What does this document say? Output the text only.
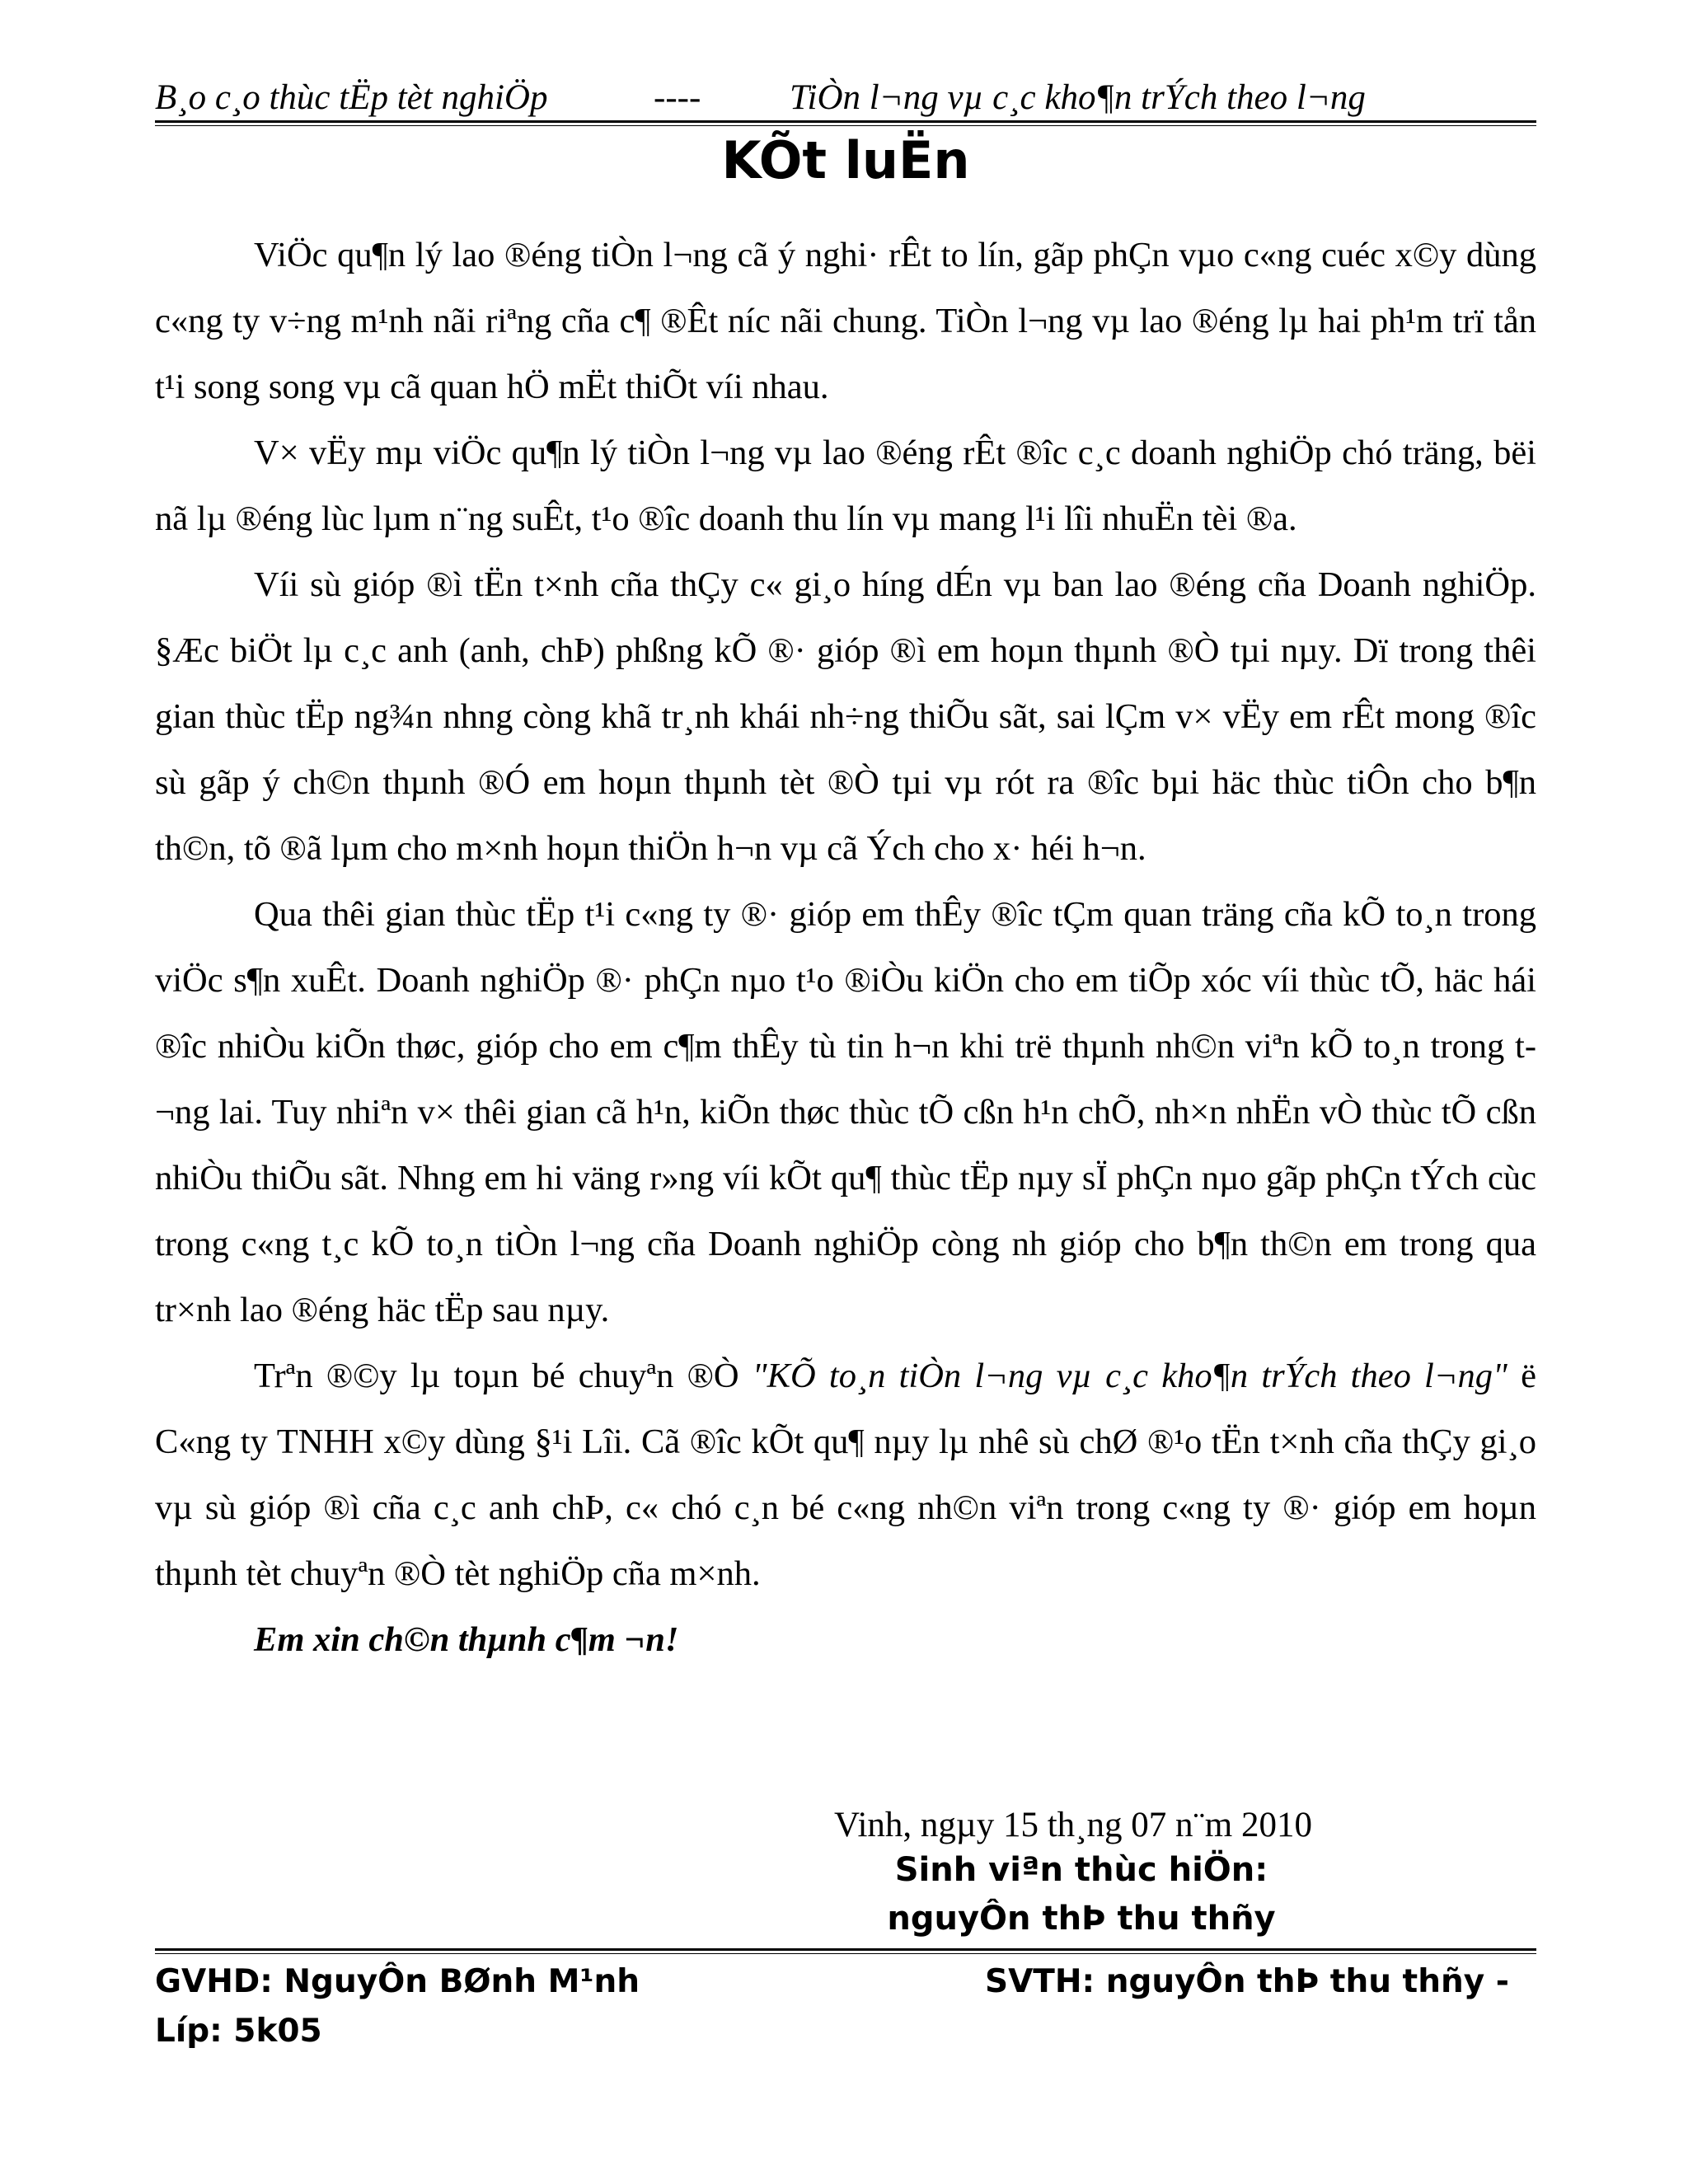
B¸o c¸o thùc tËp tèt nghiÖp	----	TiÒn l¬ng vµ c¸c kho¶n trÝch theo l¬ng
KÕt luËn

ViÖc qu¶n lý lao ®éng tiÒn l¬ng cã ý nghi· rÊt to lín, gãp phÇn vµo c«ng cuéc x©y dùng c«ng ty v÷ng m¹nh nãi riªng cña c¶ ®Êt níc nãi chung. TiÒn l¬ng vµ lao ®éng lµ hai ph¹m trï tån t¹i song song vµ cã quan hÖ mËt thiÕt víi nhau.

V× vËy mµ viÖc qu¶n lý tiÒn l¬ng vµ lao ®éng rÊt ®îc c¸c doanh nghiÖp chó träng, bëi nã lµ ®éng lùc lµm n¨ng suÊt, t¹o ®îc doanh thu lín vµ mang l¹i lîi nhuËn tèi ®a.

Víi sù gióp ®ì tËn t×nh cña thÇy c« gi¸o híng dÉn vµ ban lao ®éng cña Doanh nghiÖp. §Æc biÖt lµ c¸c anh (anh, chÞ) phßng kÕ ®· gióp ®ì em hoµn thµnh ®Ò tµi nµy. Dï trong thêi gian thùc tËp ng¾n nhng còng khã tr¸nh khái nh÷ng thiÕu sãt, sai lÇm v× vËy em rÊt mong ®îc sù gãp ý ch©n thµnh ®Ó em hoµn thµnh tèt ®Ò tµi vµ rót ra ®îc bµi häc thùc tiÔn cho b¶n th©n, tõ ®ã lµm cho m×nh hoµn thiÖn h¬n vµ cã Ých cho x· héi h¬n.

Qua thêi gian thùc tËp t¹i c«ng ty ®· gióp em thÊy ®îc tÇm quan träng cña kÕ to¸n trong viÖc s¶n xuÊt. Doanh nghiÖp ®· phÇn nµo t¹o ®iÒu kiÖn cho em tiÕp xóc víi thùc tÕ, häc hái ®îc nhiÒu kiÕn thøc, gióp cho em c¶m thÊy tù tin h¬n khi trë thµnh nh©n viªn kÕ to¸n trong t¬ng lai. Tuy nhiªn v× thêi gian cã h¹n, kiÕn thøc thùc tÕ cßn h¹n chÕ, nh×n nhËn vÒ thùc tÕ cßn nhiÒu thiÕu sãt. Nhng em hi väng r»ng víi kÕt qu¶ thùc tËp nµy sÏ phÇn nµo gãp phÇn tÝch cùc trong c«ng t¸c kÕ to¸n tiÒn l¬ng cña Doanh nghiÖp còng nh gióp cho b¶n th©n em trong qua tr×nh lao ®éng häc tËp sau nµy.

Trªn ®©y lµ toµn bé chuyªn ®Ò "KÕ to¸n tiÒn l¬ng vµ c¸c kho¶n trÝch theo l¬ng" ë C«ng ty TNHH x©y dùng §¹i Lîi. Cã ®îc kÕt qu¶ nµy lµ nhê sù chØ ®¹o tËn t×nh cña thÇy gi¸o vµ sù gióp ®ì cña c¸c anh chÞ, c« chó c¸n bé c«ng nh©n viªn trong c«ng ty ®· gióp em hoµn thµnh tèt chuyªn ®Ò tèt nghiÖp cña m×nh.

Em xin ch©n thµnh c¶m ¬n!

Vinh, ngµy 15 th¸ng 07 n¨m 2010
Sinh viªn thùc hiÖn:
nguyÔn thÞ thu thñy
GVHD: NguyÔn BØnh M¹nh	SVTH: nguyÔn thÞ thu thñy -
Líp: 5k05
